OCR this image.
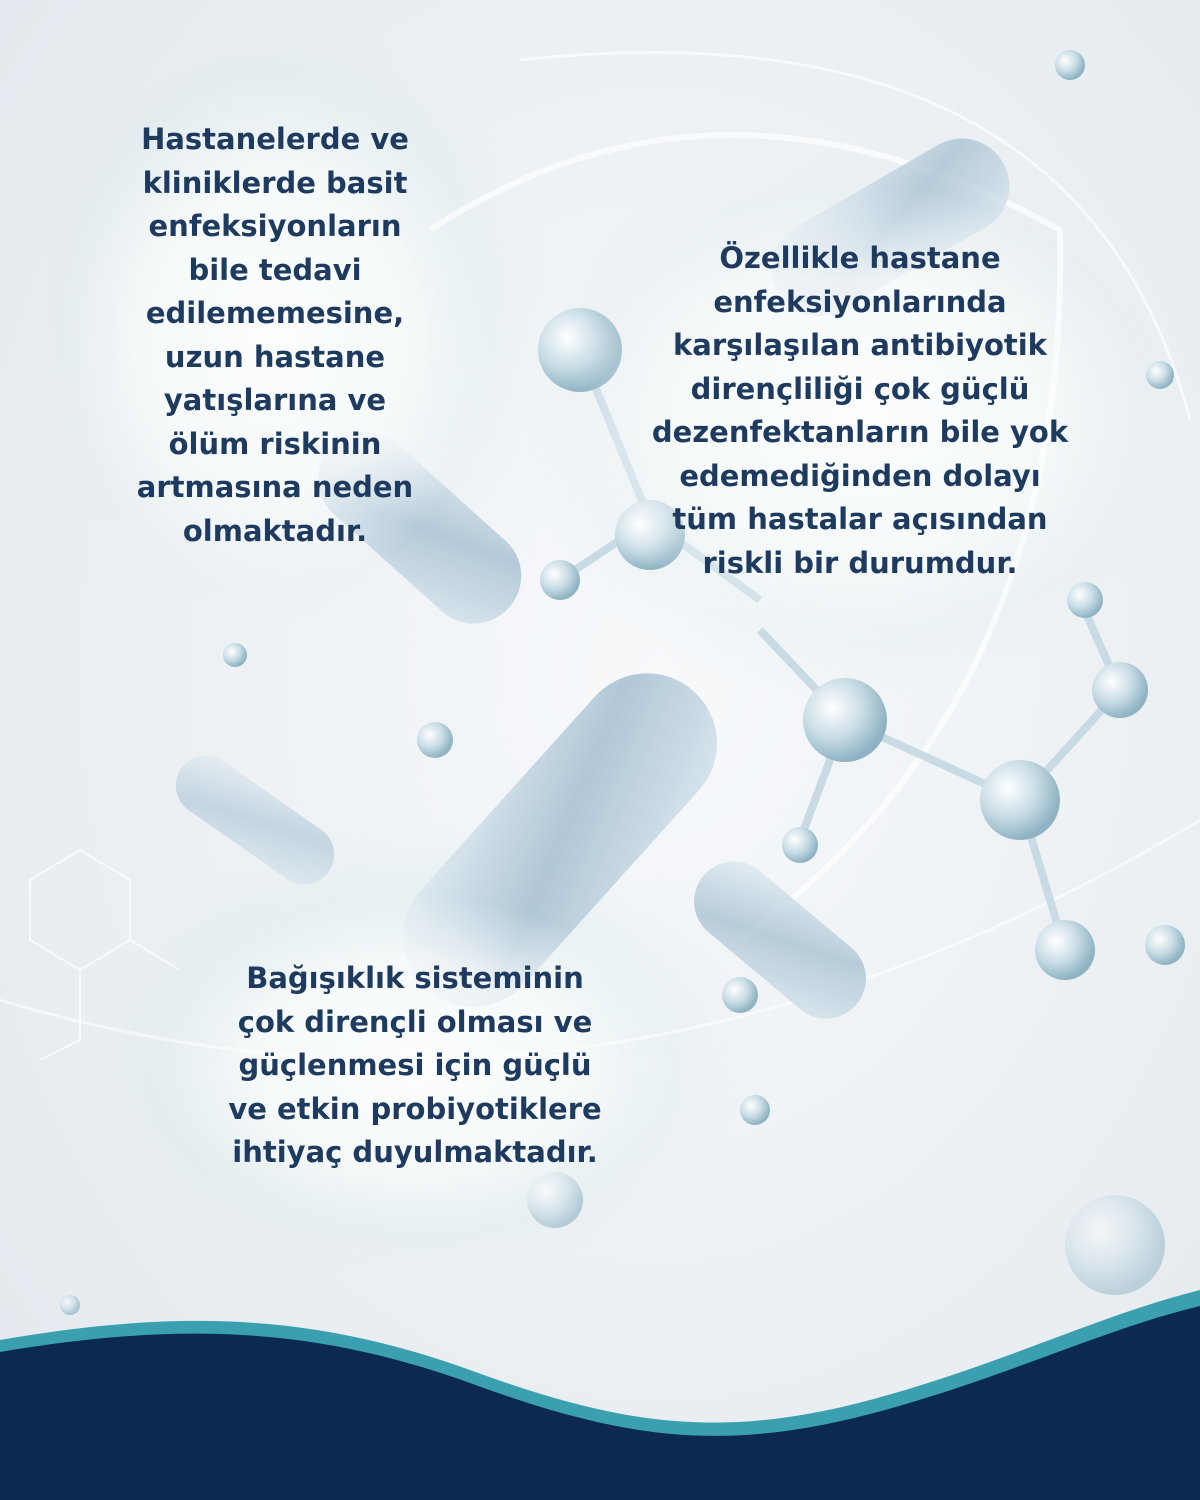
Hastanelerde ve
kliniklerde basit
enfeksiyonların
bile tedavi
edilememesine,
uzun hastane
yatışlarına ve
ölüm riskinin
artmasına neden
olmaktadır.
Özellikle hastane
enfeksiyonlarında
karşılaşılan antibiyotik
dirençliliği çok güçlü
dezenfektanların bile yok
edemediğinden dolayı
tüm hastalar açısından
riskli bir durumdur.
Bağışıklık sisteminin
çok dirençli olması ve
güçlenmesi için güçlü
ve etkin probiyotiklere
ihtiyaç duyulmaktadır.
